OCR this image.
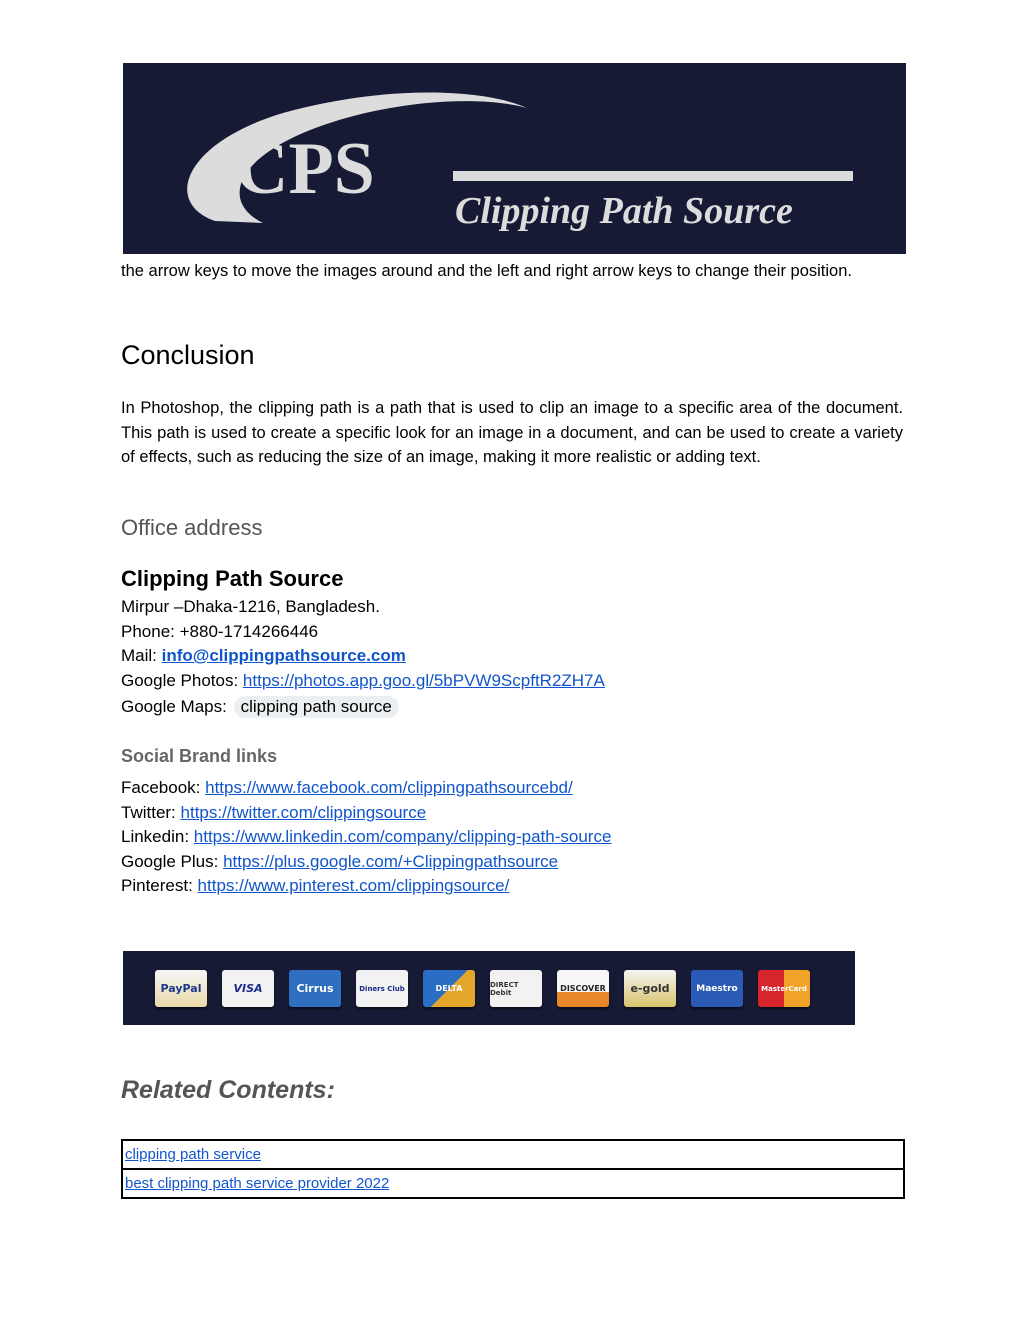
CPS
Clipping Path Source
the arrow keys to move the images around and the left and right arrow keys to change their position.
Conclusion
In Photoshop, the clipping path is a path that is used to clip an image to a specific area of the document. This path is used to create a specific look for an image in a document, and can be used to create a variety of effects, such as reducing the size of an image, making it more realistic or adding text.
Office address
Clipping Path Source
Mirpur –Dhaka-1216, Bangladesh.
Phone: +880-1714266446
Mail: info@clippingpathsource.com
Google Photos: https://photos.app.goo.gl/5bPVW9ScpftR2ZH7A
Google Maps: clipping path source
Social Brand links
Facebook: https://www.facebook.com/clippingpathsourcebd/
Twitter: https://twitter.com/clippingsource
Linkedin: https://www.linkedin.com/company/clipping-path-source
Google Plus: https://plus.google.com/+Clippingpathsource
Pinterest: https://www.pinterest.com/clippingsource/
PayPal	VISA	Cirrus	Diners Club	DELTA	DIRECT Debit	DISCOVER	e-gold	Maestro	MasterCard
Related Contents:
clipping path service
best clipping path service provider 2022
